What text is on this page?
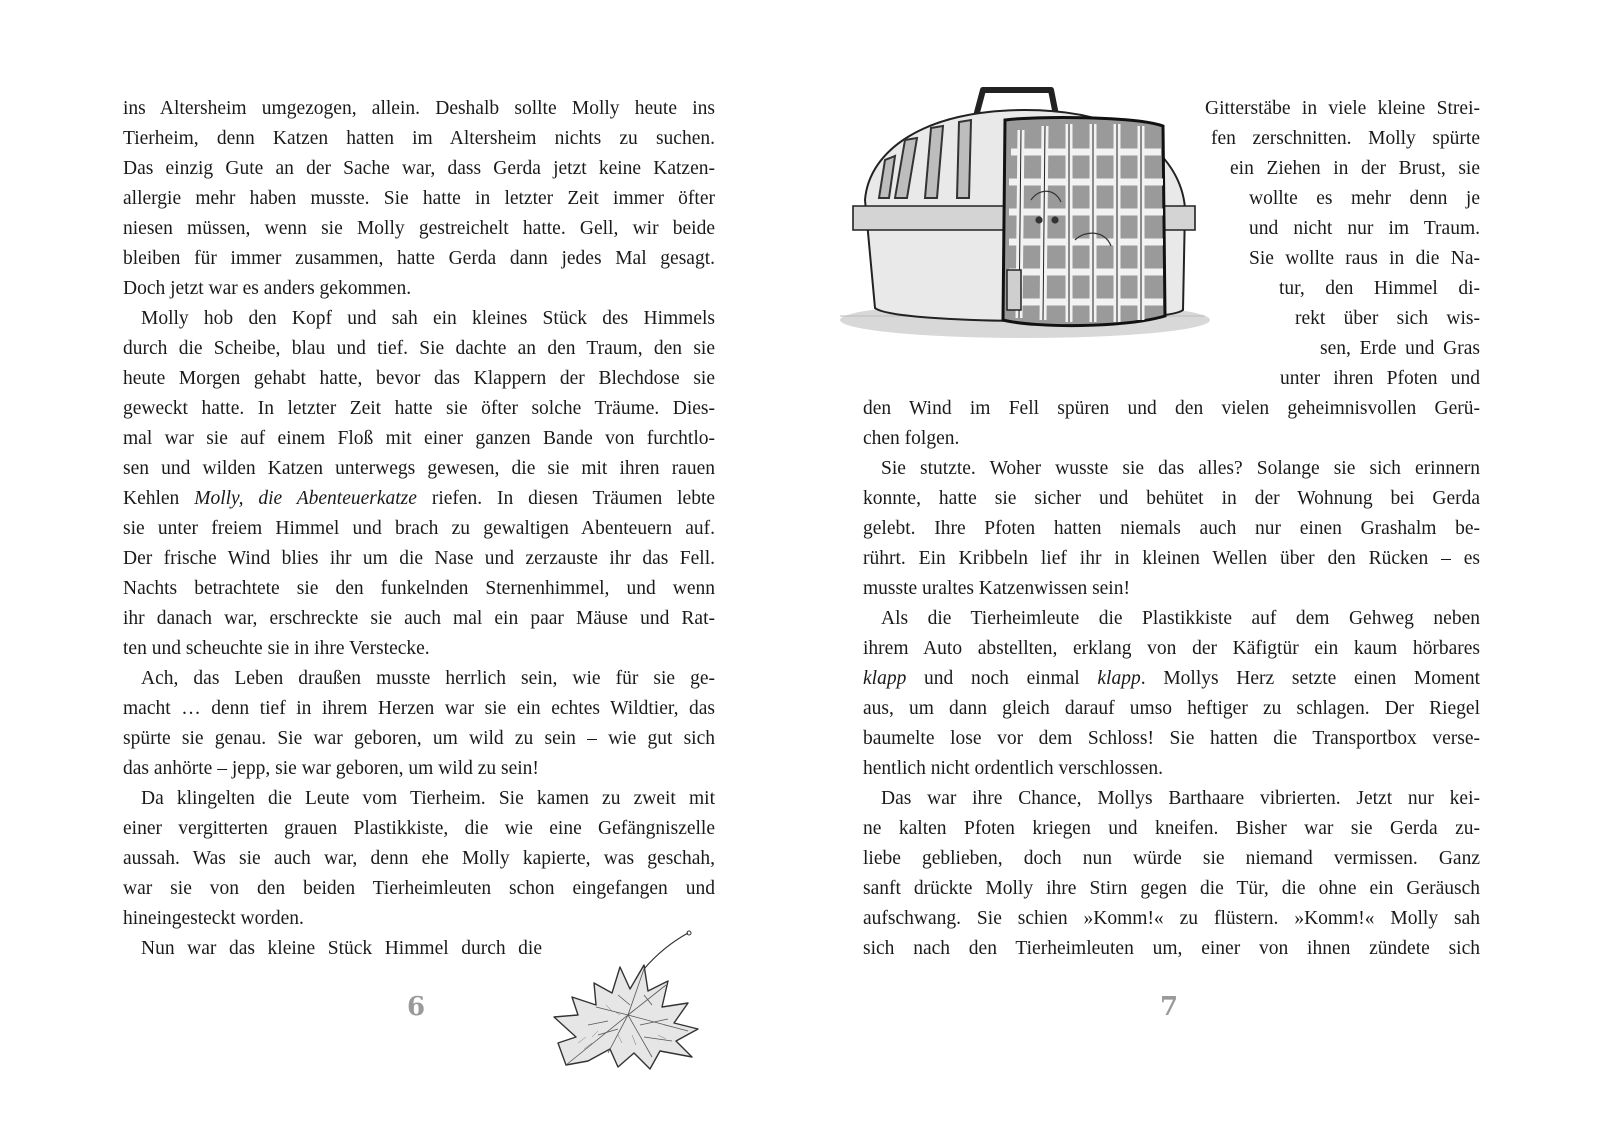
ins Altersheim umgezogen, allein. Deshalb sollte Molly heute ins
Tierheim, denn Katzen hatten im Altersheim nichts zu suchen.
Das einzig Gute an der Sache war, dass Gerda jetzt keine Katzen-
allergie mehr haben musste. Sie hatte in letzter Zeit immer öfter
niesen müssen, wenn sie Molly gestreichelt hatte. Gell, wir beide
bleiben für immer zusammen, hatte Gerda dann jedes Mal gesagt.
Doch jetzt war es anders gekommen.
Molly hob den Kopf und sah ein kleines Stück des Himmels
durch die Scheibe, blau und tief. Sie dachte an den Traum, den sie
heute Morgen gehabt hatte, bevor das Klappern der Blechdose sie
geweckt hatte. In letzter Zeit hatte sie öfter solche Träume. Dies-
mal war sie auf einem Floß mit einer ganzen Bande von furchtlo-
sen und wilden Katzen unterwegs gewesen, die sie mit ihren rauen
Kehlen Molly, die Abenteuerkatze riefen. In diesen Träumen lebte
sie unter freiem Himmel und brach zu gewaltigen Abenteuern auf.
Der frische Wind blies ihr um die Nase und zerzauste ihr das Fell.
Nachts betrachtete sie den funkelnden Sternenhimmel, und wenn
ihr danach war, erschreckte sie auch mal ein paar Mäuse und Rat-
ten und scheuchte sie in ihre Verstecke.
Ach, das Leben draußen musste herrlich sein, wie für sie ge-
macht … denn tief in ihrem Herzen war sie ein echtes Wildtier, das
spürte sie genau. Sie war geboren, um wild zu sein – wie gut sich
das anhörte – jepp, sie war geboren, um wild zu sein!
Da klingelten die Leute vom Tierheim. Sie kamen zu zweit mit
einer vergitterten grauen Plastikkiste, die wie eine Gefängniszelle
aussah. Was sie auch war, denn ehe Molly kapierte, was geschah,
war sie von den beiden Tierheimleuten schon eingefangen und
hineingesteckt worden.
Nun war das kleine Stück Himmel durch die
6
Gitterstäbe in viele kleine Strei-
fen zerschnitten. Molly spürte
ein Ziehen in der Brust, sie
wollte es mehr denn je
und nicht nur im Traum.
Sie wollte raus in die Na-
tur, den Himmel di-
rekt über sich wis-
sen, Erde und Gras
unter ihren Pfoten und
den Wind im Fell spüren und den vielen geheimnisvollen Gerü-
chen folgen.
Sie stutzte. Woher wusste sie das alles? Solange sie sich erinnern
konnte, hatte sie sicher und behütet in der Wohnung bei Gerda
gelebt. Ihre Pfoten hatten niemals auch nur einen Grashalm be-
rührt. Ein Kribbeln lief ihr in kleinen Wellen über den Rücken – es
musste uraltes Katzenwissen sein!
Als die Tierheimleute die Plastikkiste auf dem Gehweg neben
ihrem Auto abstellten, erklang von der Käfigtür ein kaum hörbares
klapp und noch einmal klapp. Mollys Herz setzte einen Moment
aus, um dann gleich darauf umso heftiger zu schlagen. Der Riegel
baumelte lose vor dem Schloss! Sie hatten die Transportbox verse-
hentlich nicht ordentlich verschlossen.
Das war ihre Chance, Mollys Barthaare vibrierten. Jetzt nur kei-
ne kalten Pfoten kriegen und kneifen. Bisher war sie Gerda zu-
liebe geblieben, doch nun würde sie niemand vermissen. Ganz
sanft drückte Molly ihre Stirn gegen die Tür, die ohne ein Geräusch
aufschwang. Sie schien »Komm!« zu flüstern. »Komm!« Molly sah
sich nach den Tierheimleuten um, einer von ihnen zündete sich
7
